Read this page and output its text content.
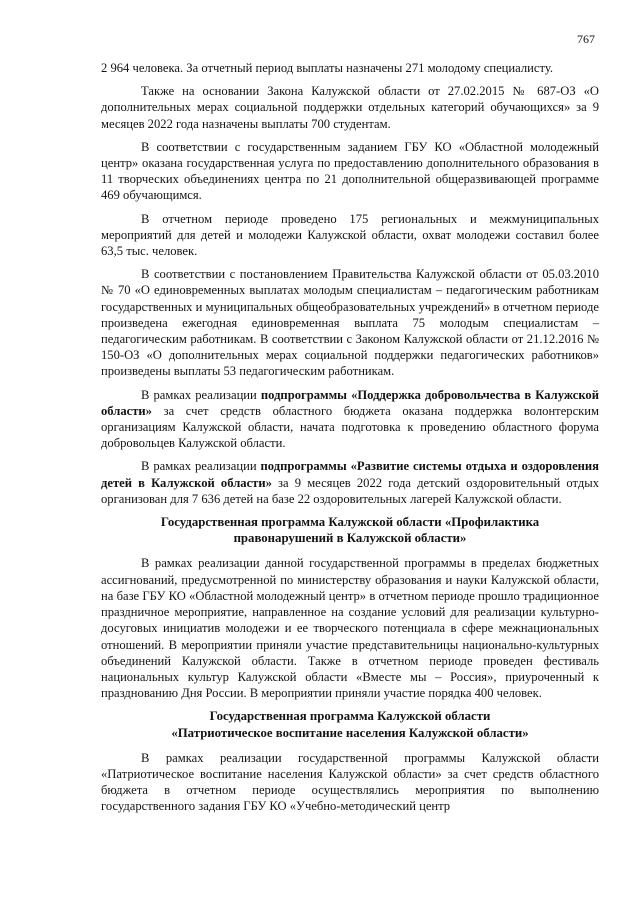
767

2 964 человека. За отчетный период выплаты назначены 271 молодому специалисту.

Также на основании Закона Калужской области от 27.02.2015 № 687-ОЗ «О дополнительных мерах социальной поддержки отдельных категорий обучающихся» за 9 месяцев 2022 года назначены выплаты 700 студентам.

В соответствии с государственным заданием ГБУ КО «Областной молодежный центр» оказана государственная услуга по предоставлению дополнительного образования в 11 творческих объединениях центра по 21 дополнительной общеразвивающей программе 469 обучающимся.

В отчетном периоде проведено 175 региональных и межмуниципальных мероприятий для детей и молодежи Калужской области, охват молодежи составил более 63,5 тыс. человек.

В соответствии с постановлением Правительства Калужской области от 05.03.2010 № 70 «О единовременных выплатах молодым специалистам – педагогическим работникам государственных и муниципальных общеобразовательных учреждений» в отчетном периоде произведена ежегодная единовременная выплата 75 молодым специалистам – педагогическим работникам. В соответствии с Законом Калужской области от 21.12.2016 № 150-ОЗ «О дополнительных мерах социальной поддержки педагогических работников» произведены выплаты 53 педагогическим работникам.

В рамках реализации подпрограммы «Поддержка добровольчества в Калужской области» за счет средств областного бюджета оказана поддержка волонтерским организациям Калужской области, начата подготовка к проведению областного форума добровольцев Калужской области.

В рамках реализации подпрограммы «Развитие системы отдыха и оздоровления детей в Калужской области» за 9 месяцев 2022 года детский оздоровительный отдых организован для 7 636 детей на базе 22 оздоровительных лагерей Калужской области.

Государственная программа Калужской области «Профилактика
правонарушений в Калужской области»

В рамках реализации данной государственной программы в пределах бюджетных ассигнований, предусмотренной по министерству образования и науки Калужской области, на базе ГБУ КО «Областной молодежный центр» в отчетном периоде прошло традиционное праздничное мероприятие, направленное на создание условий для реализации культурно-досуговых инициатив молодежи и ее творческого потенциала в сфере межнациональных отношений. В мероприятии приняли участие представительницы национально-культурных объединений Калужской области. Также в отчетном периоде проведен фестиваль национальных культур Калужской области «Вместе мы – Россия», приуроченный к празднованию Дня России. В мероприятии приняли участие порядка 400 человек.

Государственная программа Калужской области
«Патриотическое воспитание населения Калужской области»

В рамках реализации государственной программы Калужской области «Патриотическое воспитание населения Калужской области» за счет средств областного бюджета в отчетном периоде осуществлялись мероприятия по выполнению государственного задания ГБУ КО «Учебно-методический центр
